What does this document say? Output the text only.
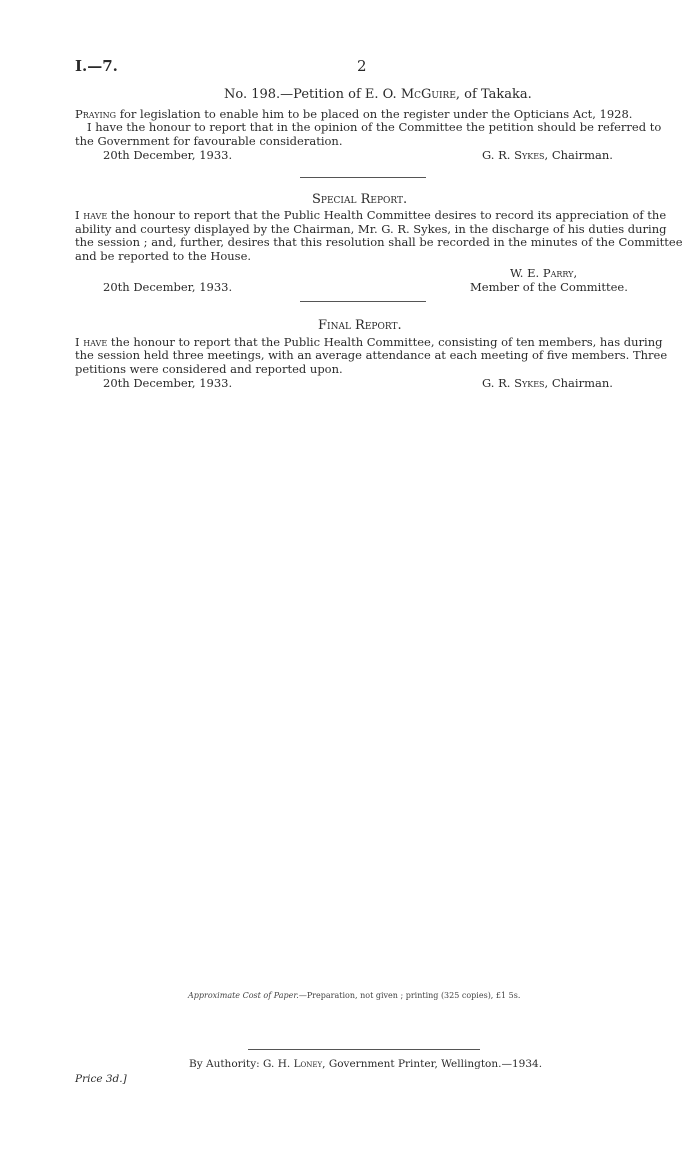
I.—7.	2
No. 198.—Petition of E. O. McGuire, of Takaka.
Praying for legislation to enable him to be placed on the register under the Opticians Act, 1928.
I have the honour to report that in the opinion of the Committee the petition should be referred to
the Government for favourable consideration.
20th December, 1933.	G. R. Sykes, Chairman.
Special Report.
I have the honour to report that the Public Health Committee desires to record its appreciation of the
ability and courtesy displayed by the Chairman, Mr. G. R. Sykes, in the discharge of his duties during
the session ; and, further, desires that this resolution shall be recorded in the minutes of the Committee
and be reported to the House.
W. E. Parry,
Member of the Committee.
20th December, 1933.
Final Report.
I have the honour to report that the Public Health Committee, consisting of ten members, has during
the session held three meetings, with an average attendance at each meeting of five members. Three
petitions were considered and reported upon.
20th December, 1933.	G. R. Sykes, Chairman.
Approximate Cost of Paper.—Preparation, not given ; printing (325 copies), £1 5s.
By Authority: G. H. Loney, Government Printer, Wellington.—1934.
Price 3d.]
